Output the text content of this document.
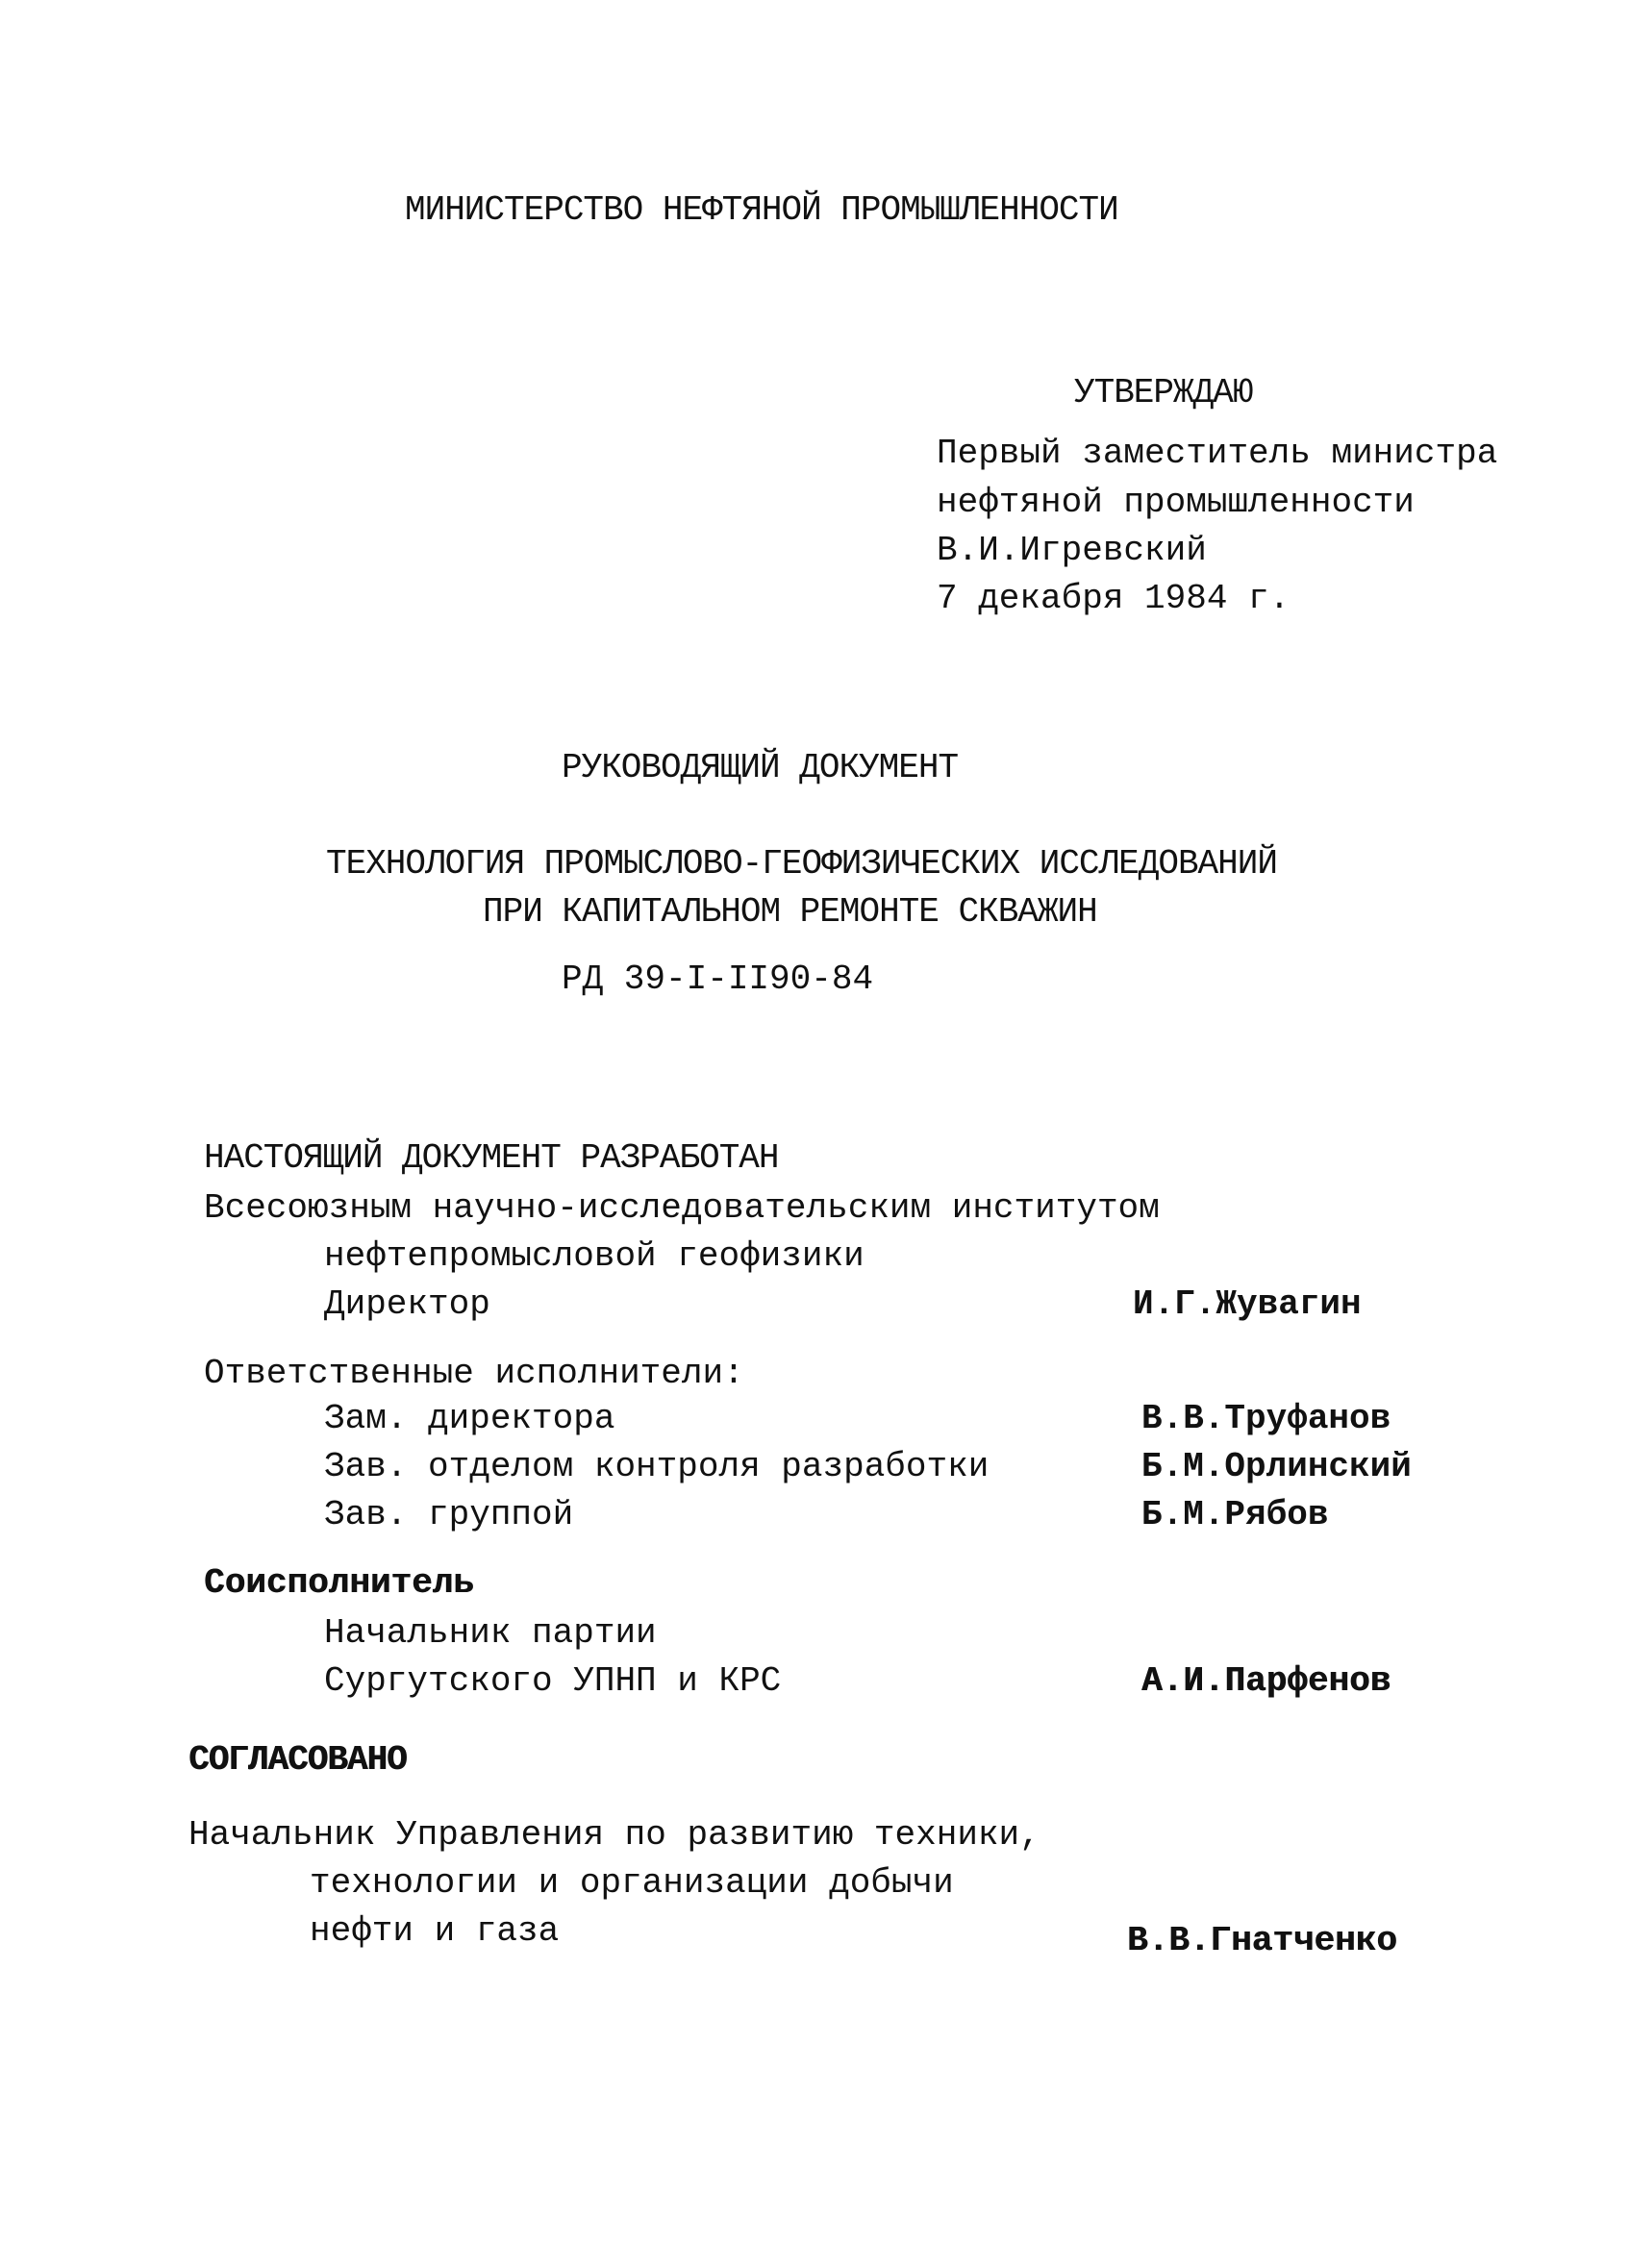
МИНИСТЕРСТВО НЕФТЯНОЙ ПРОМЫШЛЕННОСТИ

УТВЕРЖДАЮ

Первый заместитель министра

нефтяной промышленности

В.И.Игревский

7 декабря 1984 г.

РУКОВОДЯЩИЙ ДОКУМЕНТ

ТЕХНОЛОГИЯ ПРОМЫСЛОВО-ГЕОФИЗИЧЕСКИХ ИССЛЕДОВАНИЙ

ПРИ КАПИТАЛЬНОМ РЕМОНТЕ СКВАЖИН

РД 39-I-II90-84

НАСТОЯЩИЙ ДОКУМЕНТ РАЗРАБОТАН

Всесоюзным научно-исследовательским институтом

нефтепромысловой геофизики

Директор	И.Г.Жувагин

Ответственные исполнители:

Зам. директора	В.В.Труфанов

Зав. отделом контроля разработки	Б.М.Орлинский

Зав. группой	Б.М.Рябов

Соисполнитель

Начальник партии

Сургутского УПНП и КРС	А.И.Парфенов

СОГЛАСОВАНО

Начальник Управления по развитию техники,

технологии и организации добычи

нефти и газа	В.В.Гнатченко
